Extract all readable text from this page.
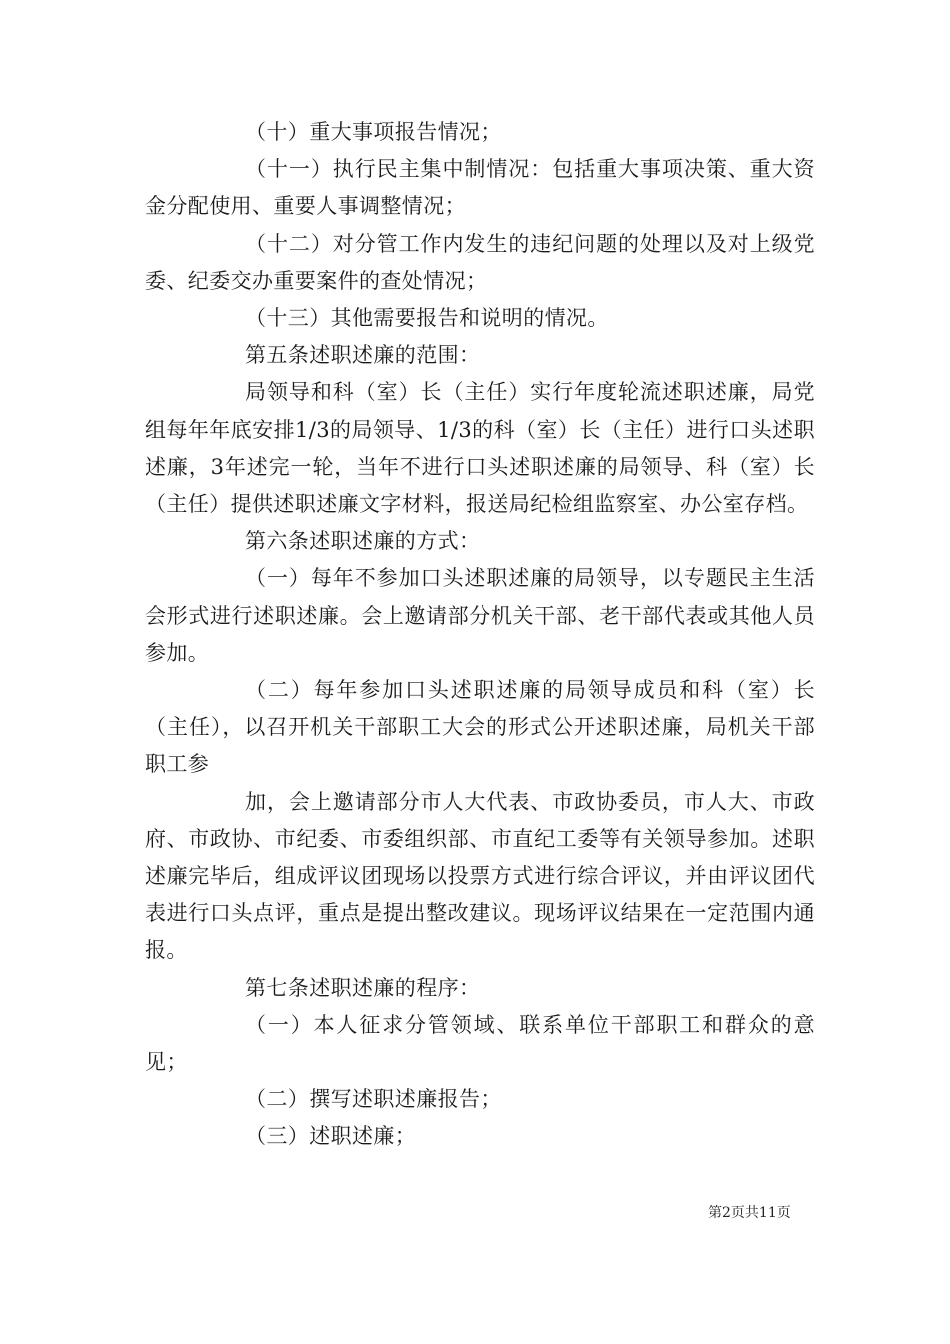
（十）重大事项报告情况；

（十一）执行民主集中制情况：包括重大事项决策、重大资金分配使用、重要人事调整情况；

（十二）对分管工作内发生的违纪问题的处理以及对上级党委、纪委交办重要案件的查处情况；

（十三）其他需要报告和说明的情况。

第五条述职述廉的范围：

局领导和科（室）长（主任）实行年度轮流述职述廉，局党组每年年底安排1/3的局领导、1/3的科（室）长（主任）进行口头述职述廉，3年述完一轮，当年不进行口头述职述廉的局领导、科（室）长（主任）提供述职述廉文字材料，报送局纪检组监察室、办公室存档。

第六条述职述廉的方式：

（一）每年不参加口头述职述廉的局领导，以专题民主生活会形式进行述职述廉。会上邀请部分机关干部、老干部代表或其他人员参加。

（二）每年参加口头述职述廉的局领导成员和科（室）长（主任），以召开机关干部职工大会的形式公开述职述廉，局机关干部职工参

加，会上邀请部分市人大代表、市政协委员，市人大、市政府、市政协、市纪委、市委组织部、市直纪工委等有关领导参加。述职述廉完毕后，组成评议团现场以投票方式进行综合评议，并由评议团代表进行口头点评，重点是提出整改建议。现场评议结果在一定范围内通报。

第七条述职述廉的程序：

（一）本人征求分管领域、联系单位干部职工和群众的意见；

（二）撰写述职述廉报告；

（三）述职述廉；

第2页共11页
